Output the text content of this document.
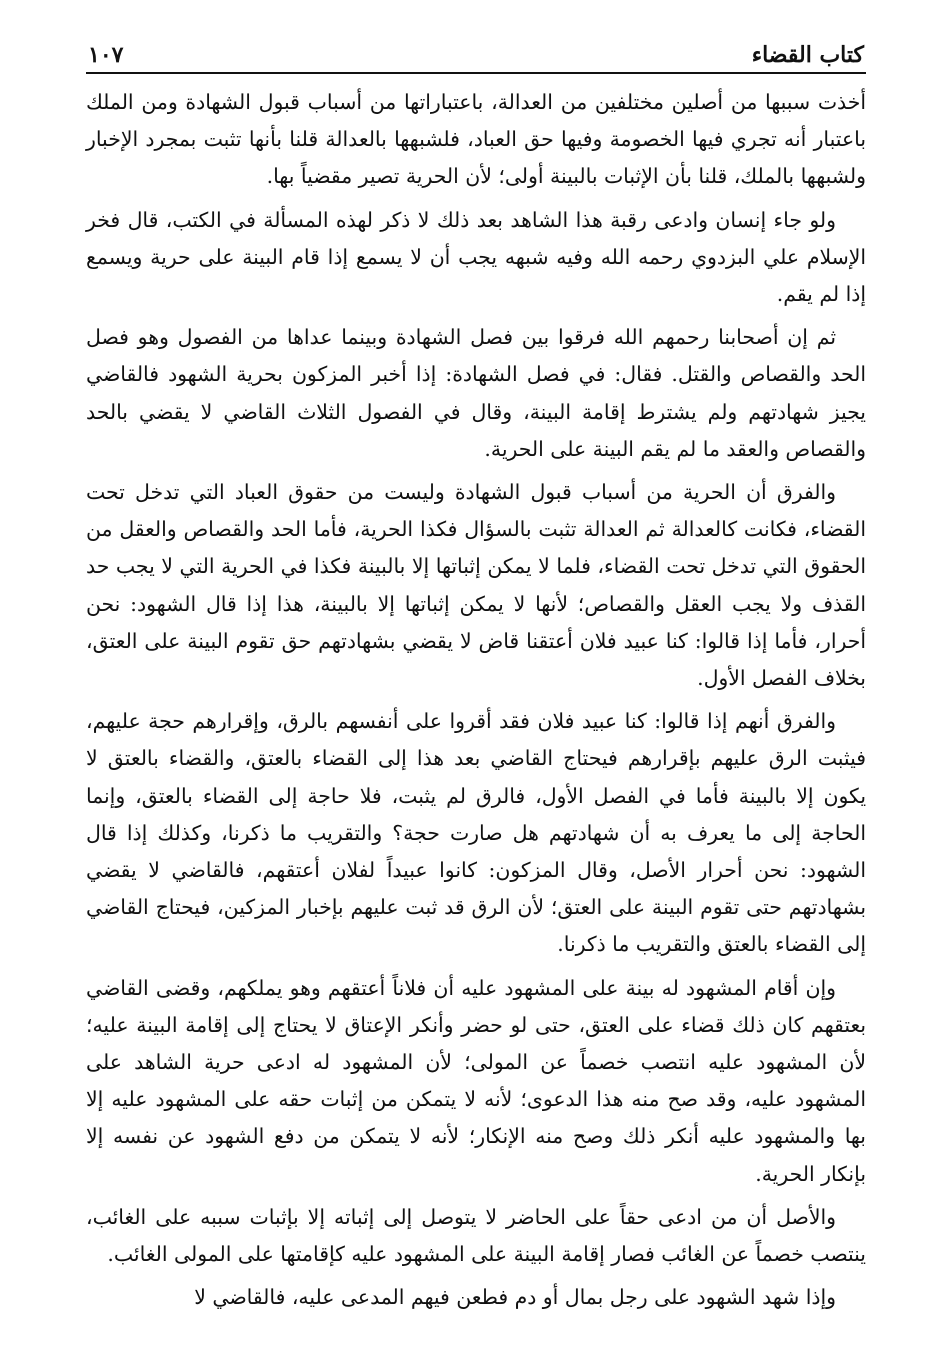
كتاب القضاء
١٠٧

أخذت سببها من أصلين مختلفين من العدالة، باعتباراتها من أسباب قبول الشهادة ومن الملك باعتبار أنه تجري فيها الخصومة وفيها حق العباد، فلشبهها بالعدالة قلنا بأنها تثبت بمجرد الإخبار ولشبهها بالملك، قلنا بأن الإثبات بالبينة أولى؛ لأن الحرية تصير مقضياً بها.

ولو جاء إنسان وادعى رقبة هذا الشاهد بعد ذلك لا ذكر لهذه المسألة في الكتب، قال فخر الإسلام علي البزدوي رحمه الله وفيه شبهه يجب أن لا يسمع إذا قام البينة على حرية ويسمع إذا لم يقم.

ثم إن أصحابنا رحمهم الله فرقوا بين فصل الشهادة وبينما عداها من الفصول وهو فصل الحد والقصاص والقتل. فقال: في فصل الشهادة: إذا أخبر المزكون بحرية الشهود فالقاضي يجيز شهادتهم ولم يشترط إقامة البينة، وقال في الفصول الثلاث القاضي لا يقضي بالحد والقصاص والعقد ما لم يقم البينة على الحرية.

والفرق أن الحرية من أسباب قبول الشهادة وليست من حقوق العباد التي تدخل تحت القضاء، فكانت كالعدالة ثم العدالة تثبت بالسؤال فكذا الحرية، فأما الحد والقصاص والعقل من الحقوق التي تدخل تحت القضاء، فلما لا يمكن إثباتها إلا بالبينة فكذا في الحرية التي لا يجب حد القذف ولا يجب العقل والقصاص؛ لأنها لا يمكن إثباتها إلا بالبينة، هذا إذا قال الشهود: نحن أحرار، فأما إذا قالوا: كنا عبيد فلان أعتقنا قاض لا يقضي بشهادتهم حق تقوم البينة على العتق، بخلاف الفصل الأول.

والفرق أنهم إذا قالوا: كنا عبيد فلان فقد أقروا على أنفسهم بالرق، وإقرارهم حجة عليهم، فيثبت الرق عليهم بإقرارهم فيحتاج القاضي بعد هذا إلى القضاء بالعتق، والقضاء بالعتق لا يكون إلا بالبينة فأما في الفصل الأول، فالرق لم يثبت، فلا حاجة إلى القضاء بالعتق، وإنما الحاجة إلى ما يعرف به أن شهادتهم هل صارت حجة؟ والتقريب ما ذكرنا، وكذلك إذا قال الشهود: نحن أحرار الأصل، وقال المزكون: كانوا عبيداً لفلان أعتقهم، فالقاضي لا يقضي بشهادتهم حتى تقوم البينة على العتق؛ لأن الرق قد ثبت عليهم بإخبار المزكين، فيحتاج القاضي إلى القضاء بالعتق والتقريب ما ذكرنا.

وإن أقام المشهود له بينة على المشهود عليه أن فلاناً أعتقهم وهو يملكهم، وقضى القاضي بعتقهم كان ذلك قضاء على العتق، حتى لو حضر وأنكر الإعتاق لا يحتاج إلى إقامة البينة عليه؛ لأن المشهود عليه انتصب خصماً عن المولى؛ لأن المشهود له ادعى حرية الشاهد على المشهود عليه، وقد صح منه هذا الدعوى؛ لأنه لا يتمكن من إثبات حقه على المشهود عليه إلا بها والمشهود عليه أنكر ذلك وصح منه الإنكار؛ لأنه لا يتمكن من دفع الشهود عن نفسه إلا بإنكار الحرية.

والأصل أن من ادعى حقاً على الحاضر لا يتوصل إلى إثباته إلا بإثبات سببه على الغائب، ينتصب خصماً عن الغائب فصار إقامة البينة على المشهود عليه كإقامتها على المولى الغائب.

وإذا شهد الشهود على رجل بمال أو دم فطعن فيهم المدعى عليه، فالقاضي لا
